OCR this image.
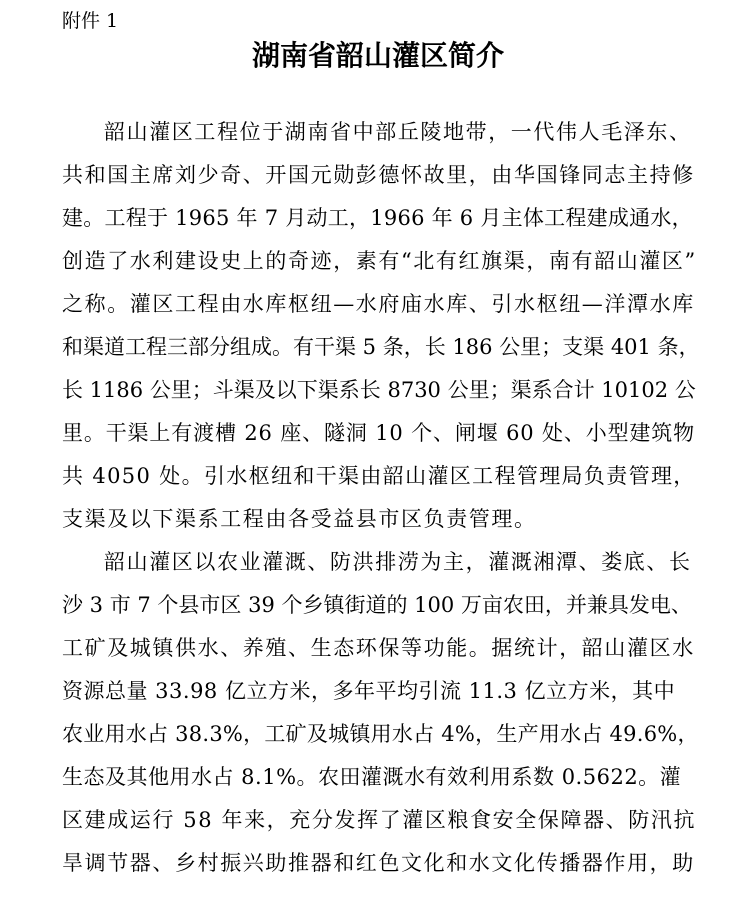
附件 1

湖南省韶山灌区简介

韶山灌区工程位于湖南省中部丘陵地带，一代伟人毛泽东、

共和国主席刘少奇、开国元勋彭德怀故里，由华国锋同志主持修

建。工程于 1965 年 7 月动工，1966 年 6 月主体工程建成通水，

创造了水利建设史上的奇迹，素有“北有红旗渠，南有韶山灌区”

之称。灌区工程由水库枢纽—水府庙水库、引水枢纽—洋潭水库

和渠道工程三部分组成。有干渠 5 条，长 186 公里；支渠 401 条，

长 1186 公里；斗渠及以下渠系长 8730 公里；渠系合计 10102 公

里。干渠上有渡槽 26 座、隧洞 10 个、闸堰 60 处、小型建筑物

共 4050 处。引水枢纽和干渠由韶山灌区工程管理局负责管理，

支渠及以下渠系工程由各受益县市区负责管理。

韶山灌区以农业灌溉、防洪排涝为主，灌溉湘潭、娄底、长

沙 3 市 7 个县市区 39 个乡镇街道的 100 万亩农田，并兼具发电、

工矿及城镇供水、养殖、生态环保等功能。据统计，韶山灌区水

资源总量 33.98 亿立方米，多年平均引流 11.3 亿立方米，其中

农业用水占 38.3%，工矿及城镇用水占 4%，生产用水占 49.6%，

生态及其他用水占 8.1%。农田灌溉水有效利用系数 0.5622。灌

区建成运行 58 年来，充分发挥了灌区粮食安全保障器、防汛抗

旱调节器、乡村振兴助推器和红色文化和水文化传播器作用，助
